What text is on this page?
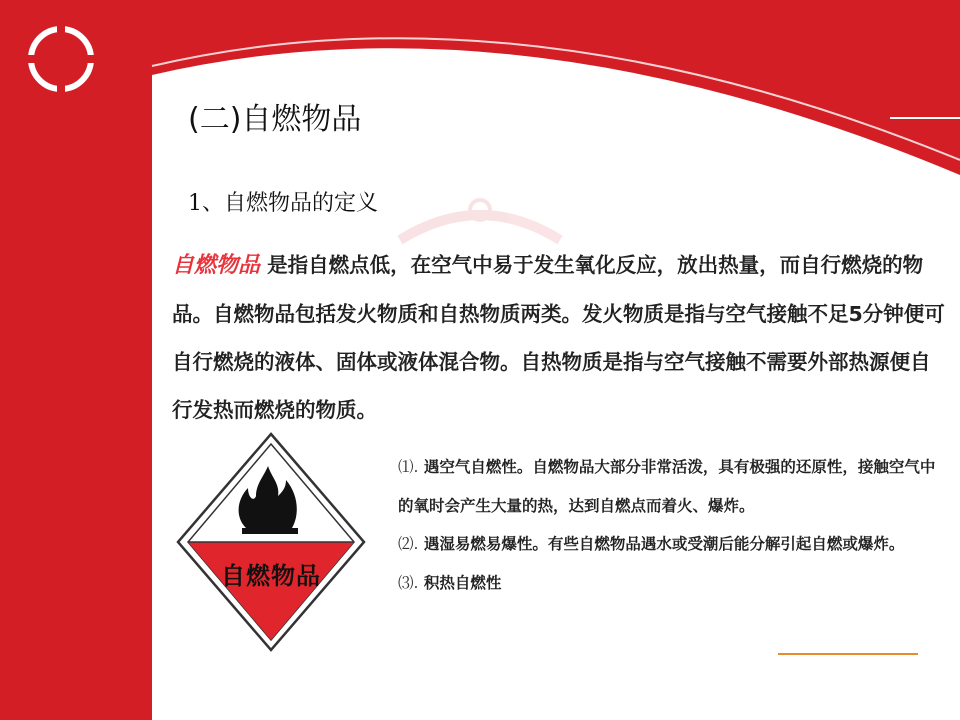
(二)自燃物品
1、自燃物品的定义
自燃物品 是指自燃点低，在空气中易于发生氧化反应，放出热量，而自行燃烧的物品。自燃物品包括发火物质和自热物质两类。发火物质是指与空气接触不足5分钟便可自行燃烧的液体、固体或液体混合物。自热物质是指与空气接触不需要外部热源便自行发热而燃烧的物质。
自燃物品

⑴. 遇空气自燃性。自燃物品大部分非常活泼，具有极强的还原性，接触空气中的氧时会产生大量的热，达到自燃点而着火、爆炸。

⑵. 遇湿易燃易爆性。有些自燃物品遇水或受潮后能分解引起自燃或爆炸。

⑶. 积热自燃性
